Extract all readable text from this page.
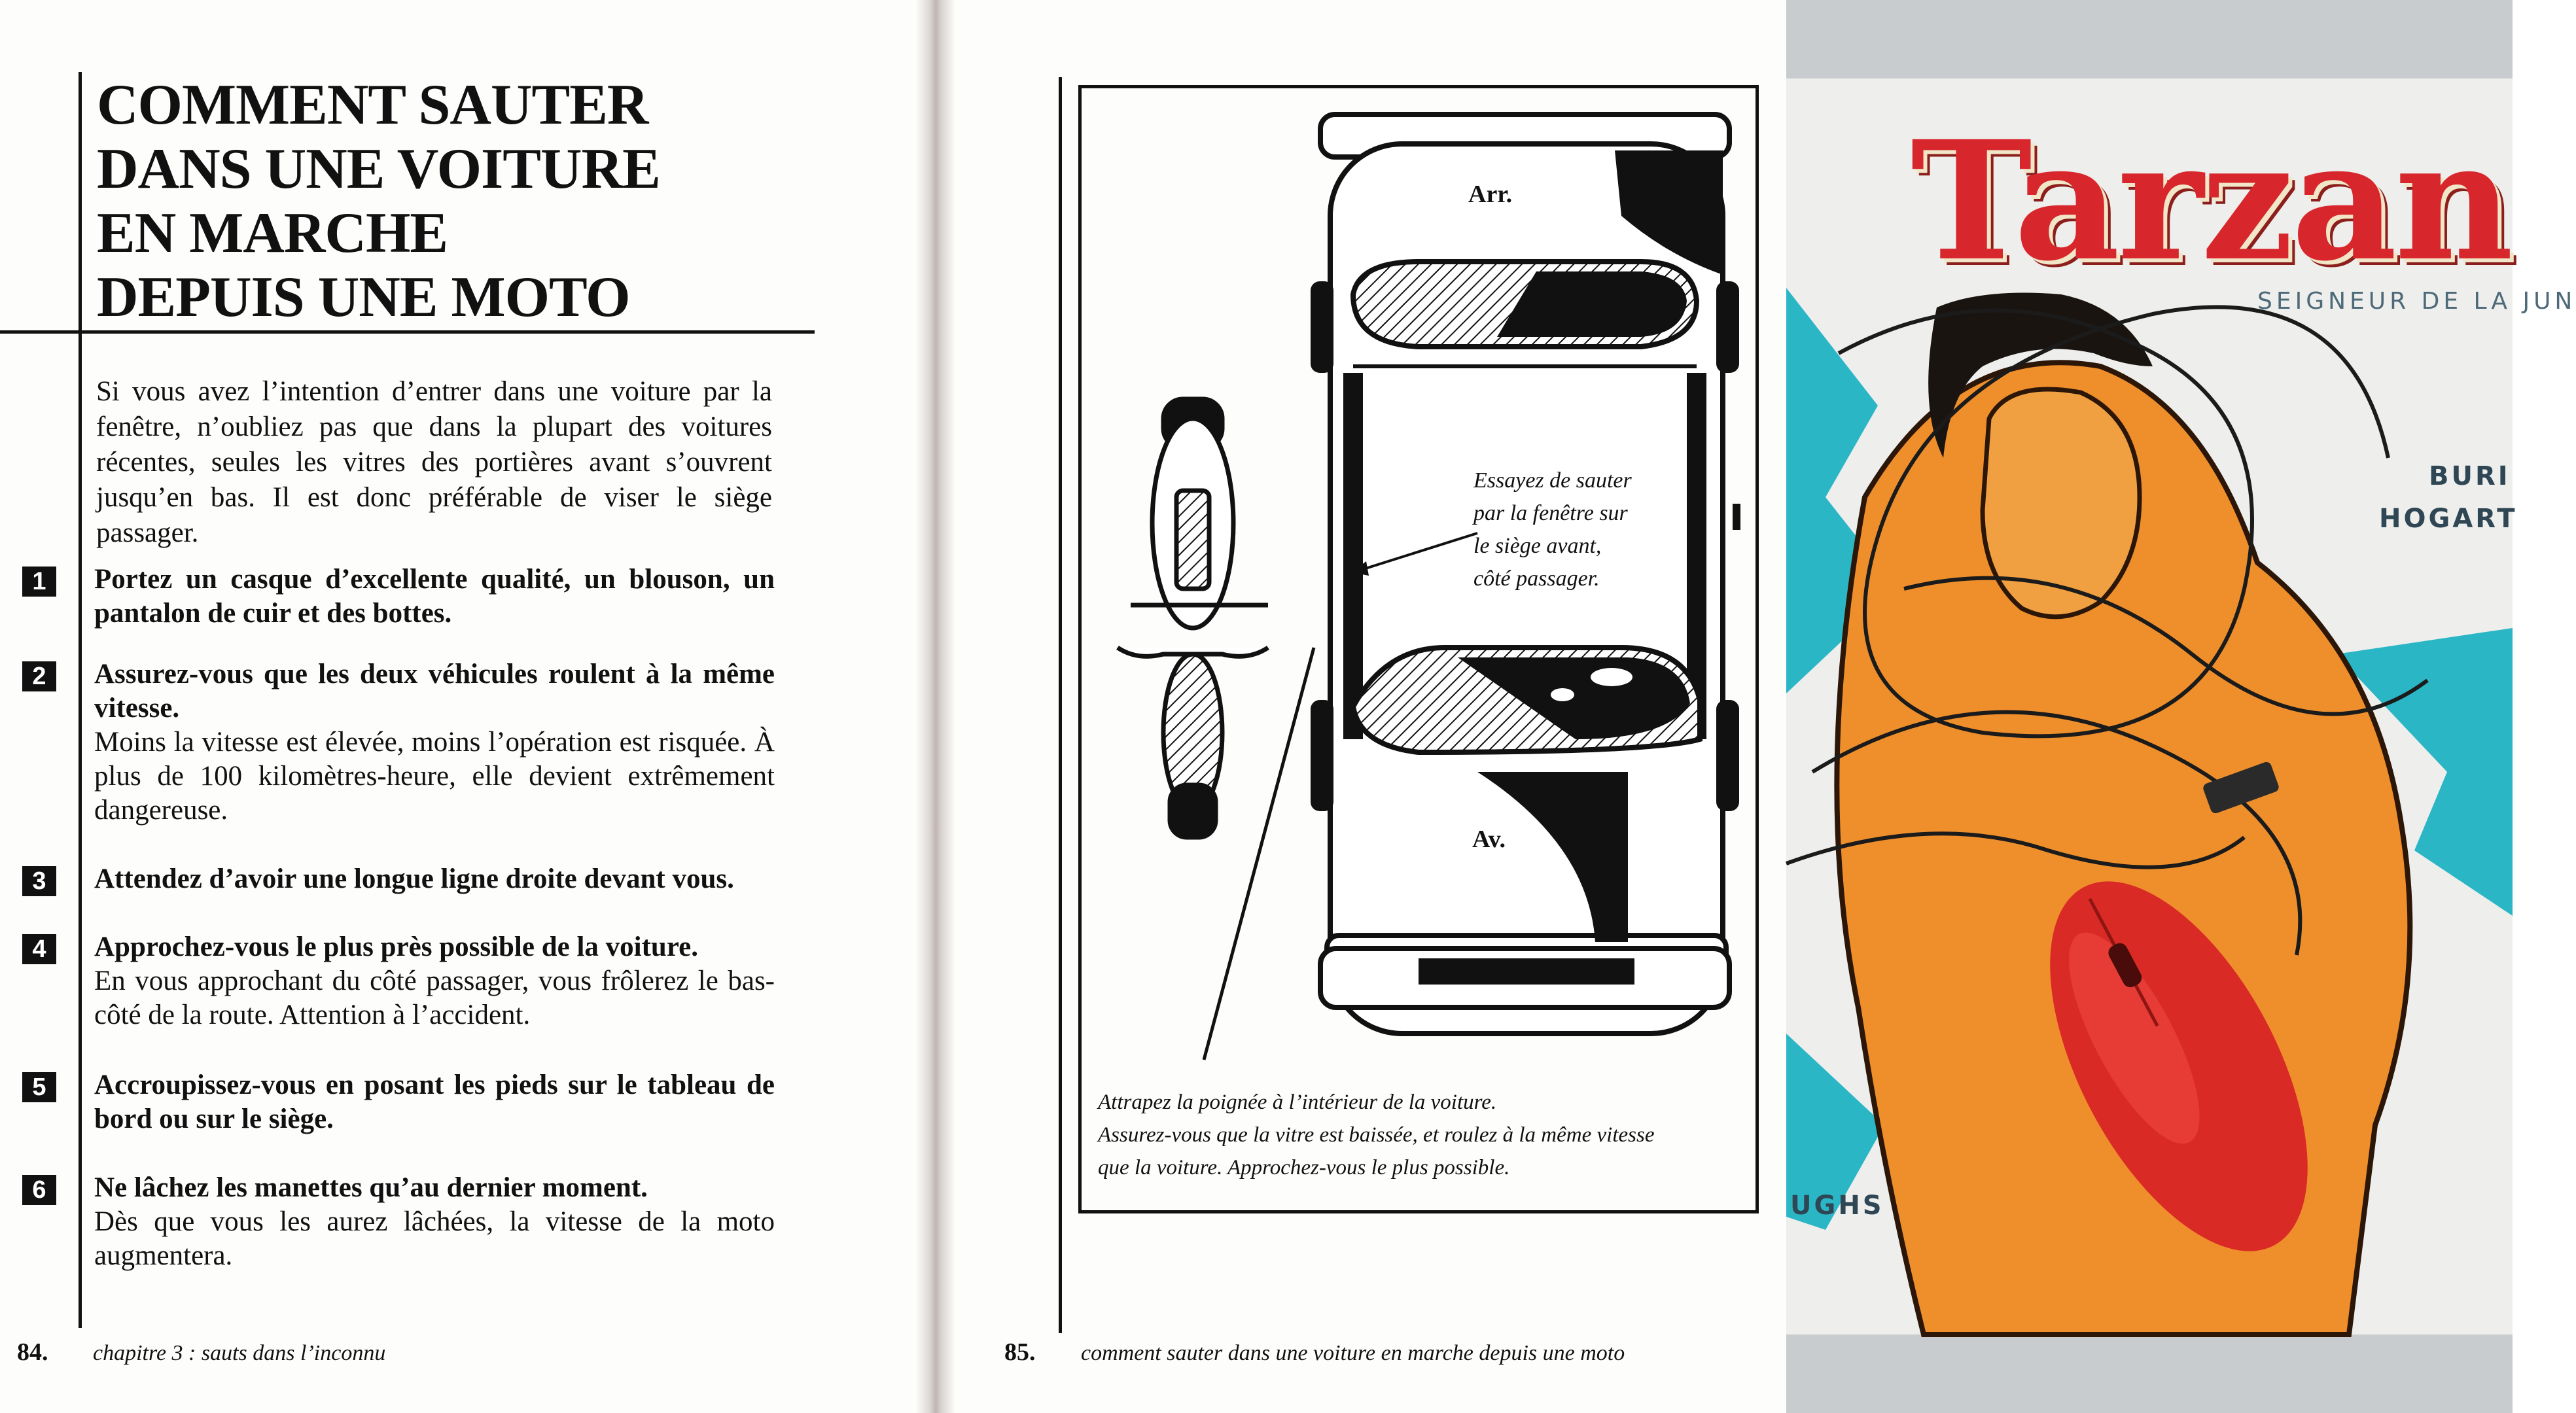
COMMENT SAUTER
DANS UNE VOITURE
EN MARCHE
DEPUIS UNE MOTO
Si vous avez l’intention d’entrer dans une voiture par la fenêtre, n’oubliez pas que dans la plupart des voitures récentes, seules les vitres des portières avant s’ouvrent jusqu’en bas. Il est donc préférable de viser le siège passager.
1	Portez un casque d’excellente qualité, un blouson, un pantalon de cuir et des bottes.
2	Assurez-vous que les deux véhicules roulent à la même vitesse.
Moins la vitesse est élevée, moins l’opération est risquée. À plus de 100 kilomètres-heure, elle devient extrêmement dangereuse.
3	Attendez d’avoir une longue ligne droite devant vous.
4	Approchez-vous le plus près possible de la voiture.
En vous approchant du côté passager, vous frôlerez le bas-côté de la route. Attention à l’accident.
5	Accroupissez-vous en posant les pieds sur le tableau de bord ou sur le siège.
6	Ne lâchez les manettes qu’au dernier moment.
Dès que vous les aurez lâchées, la vitesse de la moto augmentera.
84. chapitre 3 : sauts dans l’inconnu
Arr.
Av.
Essayez de sauter
par la fenêtre sur
le siège avant,
côté passager.
Attrapez la poignée à l’intérieur de la voiture.
Assurez-vous que la vitre est baissée, et roulez à la même vitesse
que la voiture. Approchez-vous le plus possible.
85. comment sauter dans une voiture en marche depuis une moto
Tarzan
SEIGNEUR DE LA JUN
BURI
HOGART
UGHS
